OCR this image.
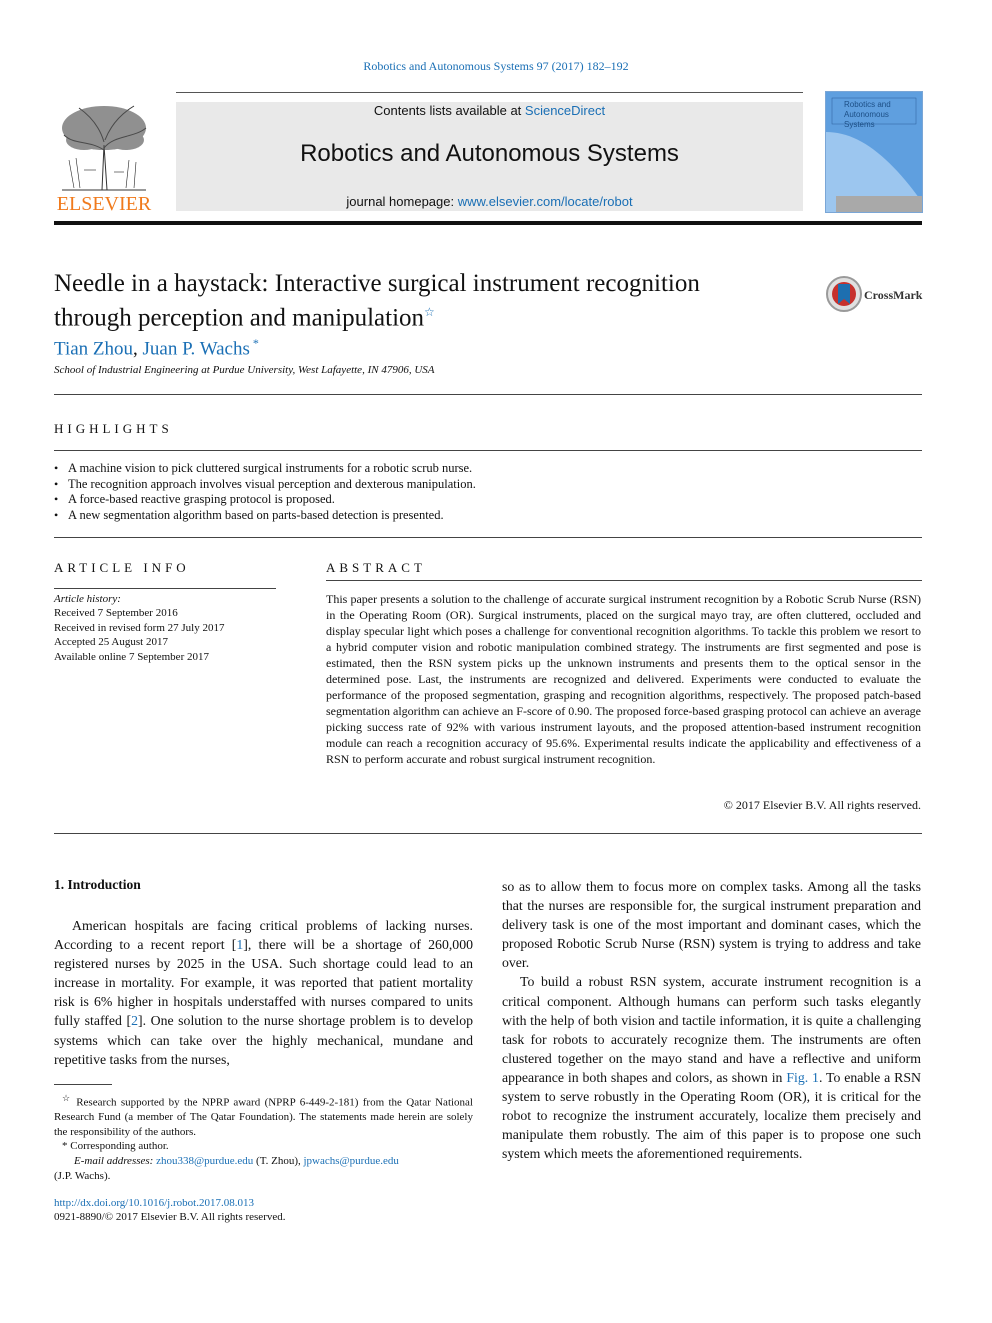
Robotics and Autonomous Systems 97 (2017) 182–192
ELSEVIER
Contents lists available at ScienceDirect
Robotics and Autonomous Systems
journal homepage: www.elsevier.com/locate/robot
Robotics and Autonomous Systems
Needle in a haystack: Interactive surgical instrument recognition
through perception and manipulation☆
CrossMark
Tian Zhou, Juan P. Wachs *
School of Industrial Engineering at Purdue University, West Lafayette, IN 47906, USA
HIGHLIGHTS
• A machine vision to pick cluttered surgical instruments for a robotic scrub nurse.
• The recognition approach involves visual perception and dexterous manipulation.
• A force-based reactive grasping protocol is proposed.
• A new segmentation algorithm based on parts-based detection is presented.
ARTICLE INFO
Article history:
Received 7 September 2016
Received in revised form 27 July 2017
Accepted 25 August 2017
Available online 7 September 2017
ABSTRACT
This paper presents a solution to the challenge of accurate surgical instrument recognition by a Robotic Scrub Nurse (RSN) in the Operating Room (OR). Surgical instruments, placed on the surgical mayo tray, are often cluttered, occluded and display specular light which poses a challenge for conventional recognition algorithms. To tackle this problem we resort to a hybrid computer vision and robotic manipulation combined strategy. The instruments are first segmented and pose is estimated, then the RSN system picks up the unknown instruments and presents them to the optical sensor in the determined pose. Last, the instruments are recognized and delivered. Experiments were conducted to evaluate the performance of the proposed segmentation, grasping and recognition algorithms, respectively. The proposed patch-based segmentation algorithm can achieve an F-score of 0.90. The proposed force-based grasping protocol can achieve an average picking success rate of 92% with various instrument layouts, and the proposed attention-based instrument recognition module can reach a recognition accuracy of 95.6%. Experimental results indicate the applicability and effectiveness of a RSN to perform accurate and robust surgical instrument recognition.
© 2017 Elsevier B.V. All rights reserved.
1. Introduction

American hospitals are facing critical problems of lacking nurses. According to a recent report [1], there will be a shortage of 260,000 registered nurses by 2025 in the USA. Such shortage could lead to an increase in mortality. For example, it was reported that patient mortality risk is 6% higher in hospitals understaffed with nurses compared to units fully staffed [2]. One solution to the nurse shortage problem is to develop systems which can take over the highly mechanical, mundane and repetitive tasks from the nurses,

so as to allow them to focus more on complex tasks. Among all the tasks that the nurses are responsible for, the surgical instrument preparation and delivery task is one of the most important and dominant cases, which the proposed Robotic Scrub Nurse (RSN) system is trying to address and take over.

To build a robust RSN system, accurate instrument recognition is a critical component. Although humans can perform such tasks elegantly with the help of both vision and tactile information, it is quite a challenging task for robots to accurately recognize them. The instruments are often clustered together on the mayo stand and have a reflective and uniform appearance in both shapes and colors, as shown in Fig. 1. To enable a RSN system to serve robustly in the Operating Room (OR), it is critical for the robot to recognize the instrument accurately, localize them precisely and manipulate them robustly. The aim of this paper is to propose one such system which meets the aforementioned requirements.

☆ Research supported by the NPRP award (NPRP 6-449-2-181) from the Qatar National Research Fund (a member of The Qatar Foundation). The statements made herein are solely the responsibility of the authors.

* Corresponding author.

E-mail addresses: zhou338@purdue.edu (T. Zhou), jpwachs@purdue.edu

(J.P. Wachs).

http://dx.doi.org/10.1016/j.robot.2017.08.013
0921-8890/© 2017 Elsevier B.V. All rights reserved.
